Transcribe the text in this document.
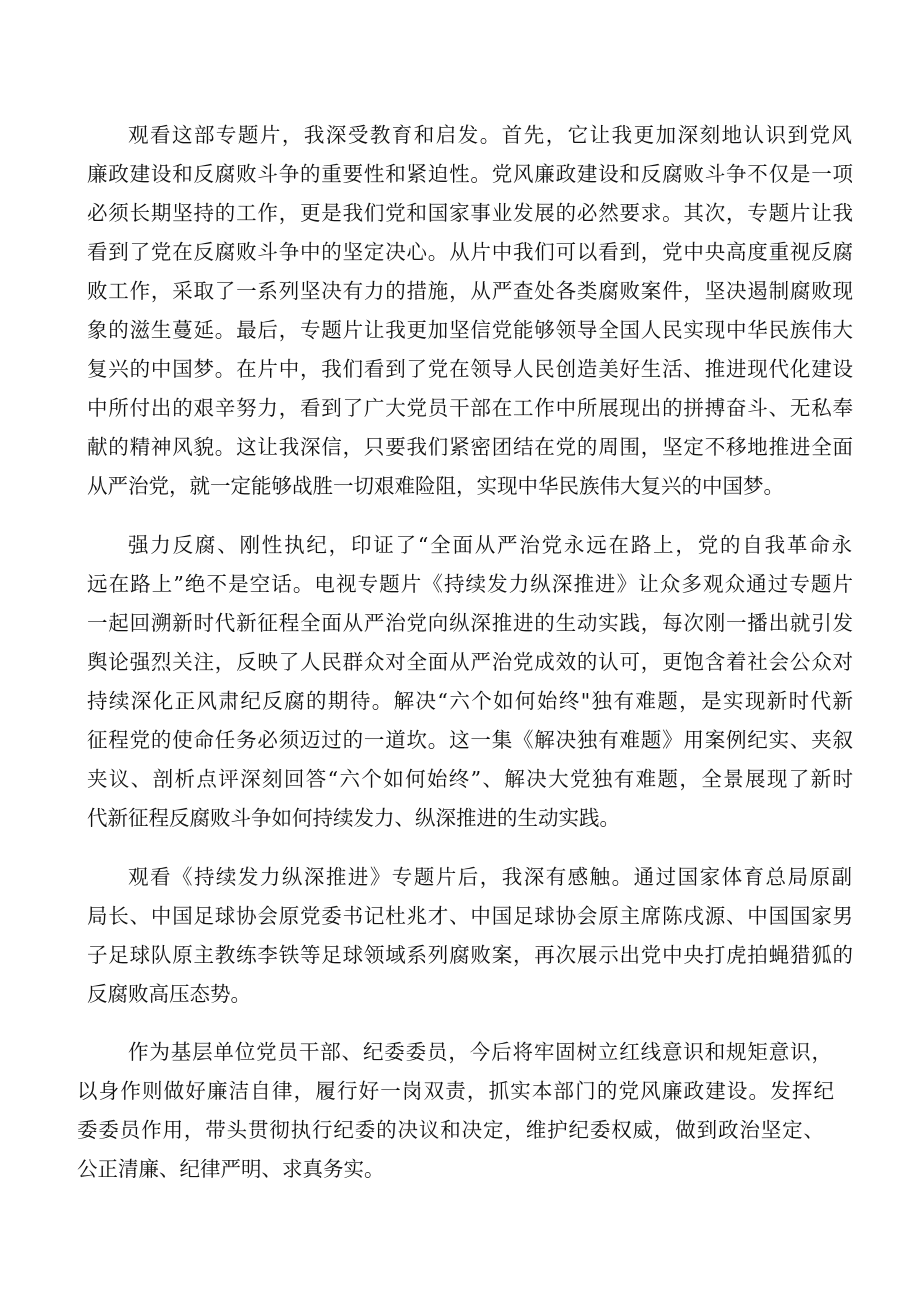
观看这部专题片，我深受教育和启发。首先，它让我更加深刻地认识到党风
廉政建设和反腐败斗争的重要性和紧迫性。党风廉政建设和反腐败斗争不仅是一项
必须长期坚持的工作，更是我们党和国家事业发展的必然要求。其次，专题片让我
看到了党在反腐败斗争中的坚定决心。从片中我们可以看到，党中央高度重视反腐
败工作，采取了一系列坚决有力的措施，从严查处各类腐败案件，坚决遏制腐败现
象的滋生蔓延。最后，专题片让我更加坚信党能够领导全国人民实现中华民族伟大
复兴的中国梦。在片中，我们看到了党在领导人民创造美好生活、推进现代化建设
中所付出的艰辛努力，看到了广大党员干部在工作中所展现出的拼搏奋斗、无私奉
献的精神风貌。这让我深信，只要我们紧密团结在党的周围，坚定不移地推进全面
从严治党，就一定能够战胜一切艰难险阻，实现中华民族伟大复兴的中国梦。
强力反腐、刚性执纪，印证了“全面从严治党永远在路上，党的自我革命永
远在路上”绝不是空话。电视专题片《持续发力纵深推进》让众多观众通过专题片
一起回溯新时代新征程全面从严治党向纵深推进的生动实践，每次刚一播出就引发
舆论强烈关注，反映了人民群众对全面从严治党成效的认可，更饱含着社会公众对
持续深化正风肃纪反腐的期待。解决“六个如何始终"独有难题，是实现新时代新
征程党的使命任务必须迈过的一道坎。这一集《解决独有难题》用案例纪实、夹叙
夹议、剖析点评深刻回答“六个如何始终”、解决大党独有难题，全景展现了新时
代新征程反腐败斗争如何持续发力、纵深推进的生动实践。
观看《持续发力纵深推进》专题片后，我深有感触。通过国家体育总局原副
局长、中国足球协会原党委书记杜兆才、中国足球协会原主席陈戌源、中国国家男
子足球队原主教练李铁等足球领域系列腐败案，再次展示出党中央打虎拍蝇猎狐的
反腐败高压态势。
作为基层单位党员干部、纪委委员，今后将牢固树立红线意识和规矩意识，
以身作则做好廉洁自律，履行好一岗双责，抓实本部门的党风廉政建设。发挥纪
委委员作用，带头贯彻执行纪委的决议和决定，维护纪委权威，做到政治坚定、
公正清廉、纪律严明、求真务实。
